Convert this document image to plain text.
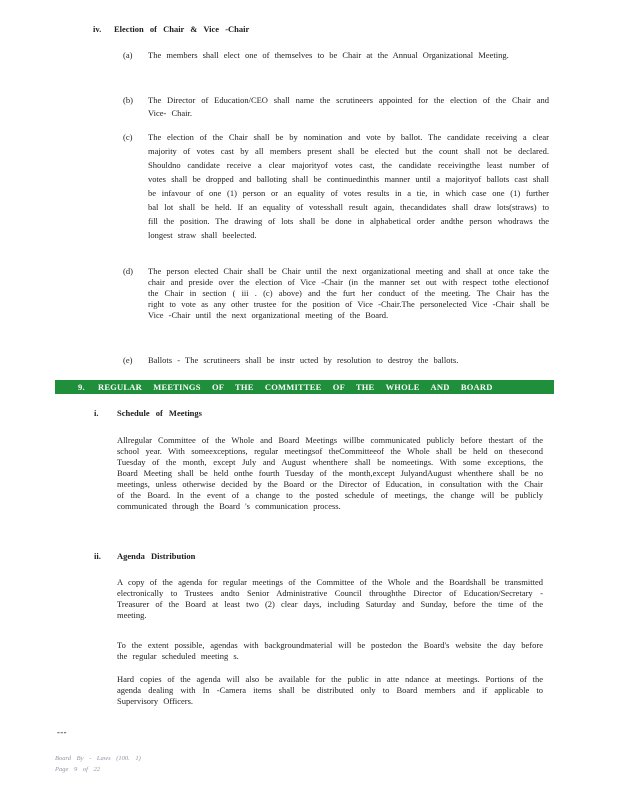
iv. Election of Chair & Vice -Chair
(a) The members shall elect one of themselves to be Chair at the Annual Organizational Meeting.
(b) The Director of Education/CEO shall name the scrutineers appointed for the election of the Chair and Vice- Chair.
(c) The election of the Chair shall be by nomination and vote by ballot. The candidate receiving a clear majority of votes cast by all members present shall be elected but the count shall not be declared. Shouldno candidate receive a clear majorityof votes cast, the candidate receivingthe least number of votes shall be dropped and balloting shall be continuedinthis manner until a majorityof ballots cast shall be infavour of one (1) person or an equality of votes results in a tie, in which case one (1) further bal lot shall be held. If an equality of votesshall result again, thecandidates shall draw lots(straws) to fill the position. The drawing of lots shall be done in alphabetical order andthe person whodraws the longest straw shall beelected.
(d) The person elected Chair shall be Chair until the next organizational meeting and shall at once take the chair and preside over the election of Vice -Chair (in the manner set out with respect tothe electionof the Chair in section ( iii . (c) above) and the furt her conduct of the meeting. The Chair has the right to vote as any other trustee for the position of Vice -Chair.The personelected Vice -Chair shall be Vice -Chair until the next organizational meeting of the Board.
(e) Ballots - The scrutineers shall be instr ucted by resolution to destroy the ballots.
9.	REGULAR MEETINGS OF THE COMMITTEE OF THE WHOLE AND BOARD
i. Schedule of Meetings
Allregular Committee of the Whole and Board Meetings willbe communicated publicly before thestart of the school year. With someexceptions, regular meetingsof theCommitteeof the Whole shall be held on thesecond Tuesday of the month, except July and August whenthere shall be nomeetings. With some exceptions, the Board Meeting shall be held onthe fourth Tuesday of the month,except JulyandAugust whenthere shall be no meetings, unless otherwise decided by the Board or the Director of Education, in consultation with the Chair of the Board. In the event of a change to the posted schedule of meetings, the change will be publicly communicated through the Board 's communication process.
ii. Agenda Distribution
A copy of the agenda for regular meetings of the Committee of the Whole and the Boardshall be transmitted electronically to Trustees andto Senior Administrative Council throughthe Director of Education/Secretary -Treasurer of the Board at least two (2) clear days, including Saturday and Sunday, before the time of the meeting.
To the extent possible, agendas with backgroundmaterial will be postedon the Board's website the day before the regular scheduled meeting s.
Hard copies of the agenda will also be available for the public in atte ndance at meetings. Portions of the agenda dealing with In -Camera items shall be distributed only to Board members and if applicable to Supervisory Officers.
---
Board By - Laws (100. 1)
Page 9 of 22
